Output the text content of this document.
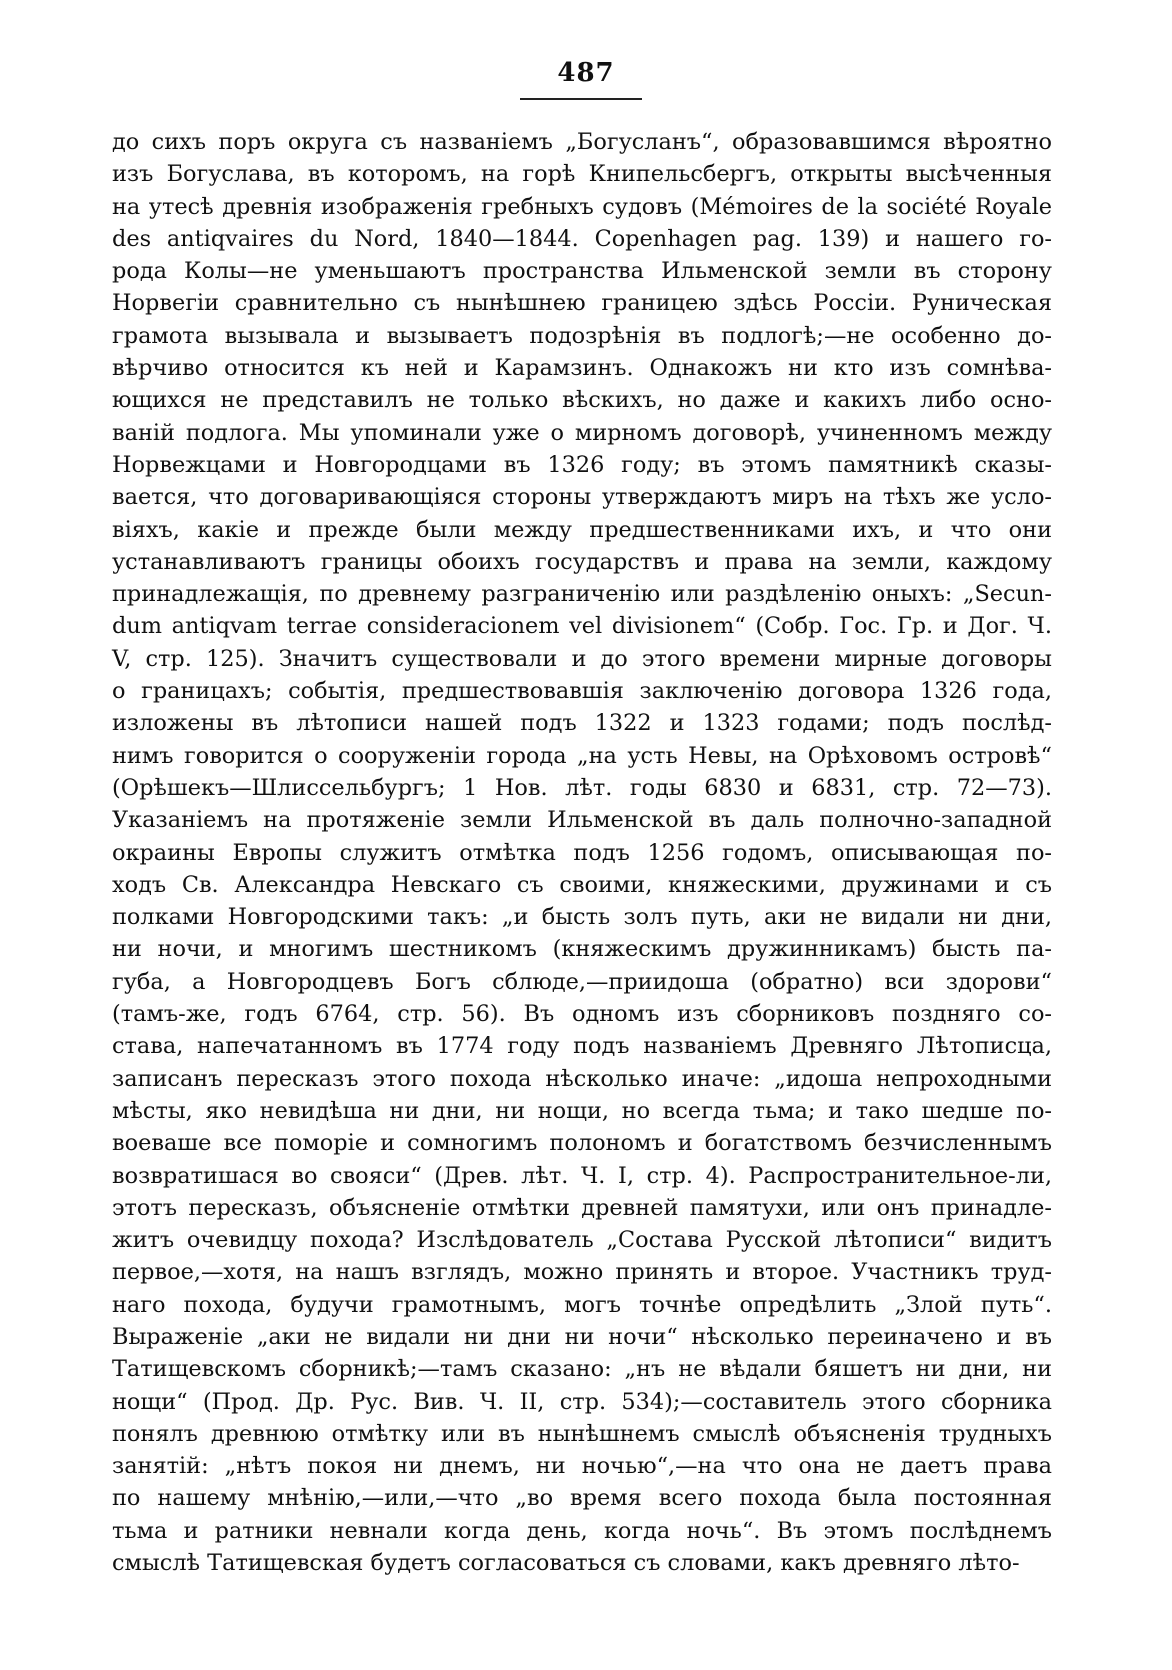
487
до сихъ поръ округа съ названіемъ „Богусланъ“, образовавшимся вѣроятно
изъ Богуслава, въ которомъ, на горѣ Книпельсбергъ, открыты высѣченныя
на утесѣ древнія изображенія гребныхъ судовъ (Mémoires de la société Royale
des antiqvaires du Nord, 1840—1844. Copenhagen pag. 139) и нашего го-
рода Колы—не уменьшаютъ пространства Ильменской земли въ сторону
Норвегіи сравнительно съ нынѣшнею границею здѣсь Россіи. Руническая
грамота вызывала и вызываетъ подозрѣнія въ подлогѣ;—не особенно до-
вѣрчиво относится къ ней и Карамзинъ. Однакожъ ни кто изъ сомнѣва-
ющихся не представилъ не только вѣскихъ, но даже и какихъ либо осно-
ваній подлога. Мы упоминали уже о мирномъ договорѣ, учиненномъ между
Норвежцами и Новгородцами въ 1326 году; въ этомъ памятникѣ сказы-
вается, что договаривающіяся стороны утверждаютъ миръ на тѣхъ же усло-
віяхъ, какіе и прежде были между предшественниками ихъ, и что они
устанавливаютъ границы обоихъ государствъ и права на земли, каждому
принадлежащія, по древнему разграниченію или раздѣленію оныхъ: „Secun-
dum antiqvam terrae consideracionem vel divisionem“ (Собр. Гос. Гр. и Дог. Ч.
V, стр. 125). Значитъ существовали и до этого времени мирные договоры
о границахъ; событія, предшествовавшія заключенію договора 1326 года,
изложены въ лѣтописи нашей подъ 1322 и 1323 годами; подъ послѣд-
нимъ говорится о сооруженіи города „на усть Невы, на Орѣховомъ островѣ“
(Орѣшекъ—Шлиссельбургъ; 1 Нов. лѣт. годы 6830 и 6831, стр. 72—73).
Указаніемъ на протяженіе земли Ильменской въ даль полночно-западной
окраины Европы служитъ отмѣтка подъ 1256 годомъ, описывающая по-
ходъ Св. Александра Невскаго съ своими, княжескими, дружинами и съ
полками Новгородскими такъ: „и бысть золъ путь, аки не видали ни дни,
ни ночи, и многимъ шестникомъ (княжескимъ дружинникамъ) бысть па-
губа, а Новгородцевъ Богъ сблюде,—приидоша (обратно) вси здорови“
(тамъ-же, годъ 6764, стр. 56). Въ одномъ изъ сборниковъ поздняго со-
става, напечатанномъ въ 1774 году подъ названіемъ Древняго Лѣтописца,
записанъ пересказъ этого похода нѣсколько иначе: „идоша непроходными
мѣсты, яко невидѣша ни дни, ни нощи, но всегда тьма; и тако шедше по-
воеваше все поморіе и сомногимъ полономъ и богатствомъ безчисленнымъ
возвратишася во свояси“ (Древ. лѣт. Ч. I, стр. 4). Распространительное-ли,
этотъ пересказъ, объясненіе отмѣтки древней памятухи, или онъ принадле-
житъ очевидцу похода? Изслѣдователь „Состава Русской лѣтописи“ видитъ
первое,—хотя, на нашъ взглядъ, можно принять и второе. Участникъ труд-
наго похода, будучи грамотнымъ, могъ точнѣе опредѣлить „Злой путь“.
Выраженіе „аки не видали ни дни ни ночи“ нѣсколько переиначено и въ
Татищевскомъ сборникѣ;—тамъ сказано: „нъ не вѣдали бяшетъ ни дни, ни
нощи“ (Прод. Др. Рус. Вив. Ч. II, стр. 534);—составитель этого сборника
понялъ древнюю отмѣтку или въ нынѣшнемъ смыслѣ объясненія трудныхъ
занятій: „нѣтъ покоя ни днемъ, ни ночью“,—на что она не даетъ права
по нашему мнѣнію,—или,—что „во время всего похода была постоянная
тьма и ратники невнали когда день, когда ночь“. Въ этомъ послѣднемъ
смыслѣ Татищевская будетъ согласоваться съ словами, какъ древняго лѣто-
